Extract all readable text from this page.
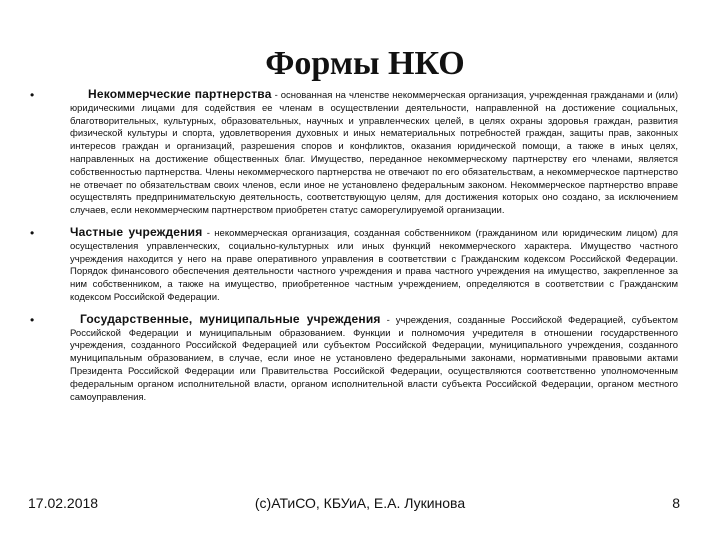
Формы НКО
•	Некоммерческие партнерства - основанная на членстве некоммерческая организация, учрежденная гражданами и (или) юридическими лицами для содействия ее членам в осуществлении деятельности, направленной на достижение социальных, благотворительных, культурных, образовательных, научных и управленческих целей, в целях охраны здоровья граждан, развития физической культуры и спорта, удовлетворения духовных и иных нематериальных потребностей граждан, защиты прав, законных интересов граждан и организаций, разрешения споров и конфликтов, оказания юридической помощи, а также в иных целях, направленных на достижение общественных благ. Имущество, переданное некоммерческому партнерству его членами, является собственностью партнерства. Члены некоммерческого партнерства не отвечают по его обязательствам, а некоммерческое партнерство не отвечает по обязательствам своих членов, если иное не установлено федеральным законом. Некоммерческое партнерство вправе осуществлять предпринимательскую деятельность, соответствующую целям, для достижения которых оно создано, за исключением случаев, если некоммерческим партнерством приобретен статус саморегулируемой организации.

•	Частные учреждения - некоммерческая организация, созданная собственником (гражданином или юридическим лицом) для осуществления управленческих, социально-культурных или иных функций некоммерческого характера. Имущество частного учреждения находится у него на праве оперативного управления в соответствии с Гражданским кодексом Российской Федерации. Порядок финансового обеспечения деятельности частного учреждения и права частного учреждения на имущество, закрепленное за ним собственником, а также на имущество, приобретенное частным учреждением, определяются в соответствии с Гражданским кодексом Российской Федерации.

•	Государственные, муниципальные учреждения - учреждения, созданные Российской Федерацией, субъектом Российской Федерации и муниципальным образованием. Функции и полномочия учредителя в отношении государственного учреждения, созданного Российской Федерацией или субъектом Российской Федерации, муниципального учреждения, созданного муниципальным образованием, в случае, если иное не установлено федеральными законами, нормативными правовыми актами Президента Российской Федерации или Правительства Российской Федерации, осуществляются соответственно уполномоченным федеральным органом исполнительной власти, органом исполнительной власти субъекта Российской Федерации, органом местного самоуправления.

17.02.2018	(с)АТиСО, КБУиА, Е.А. Лукинова	8
